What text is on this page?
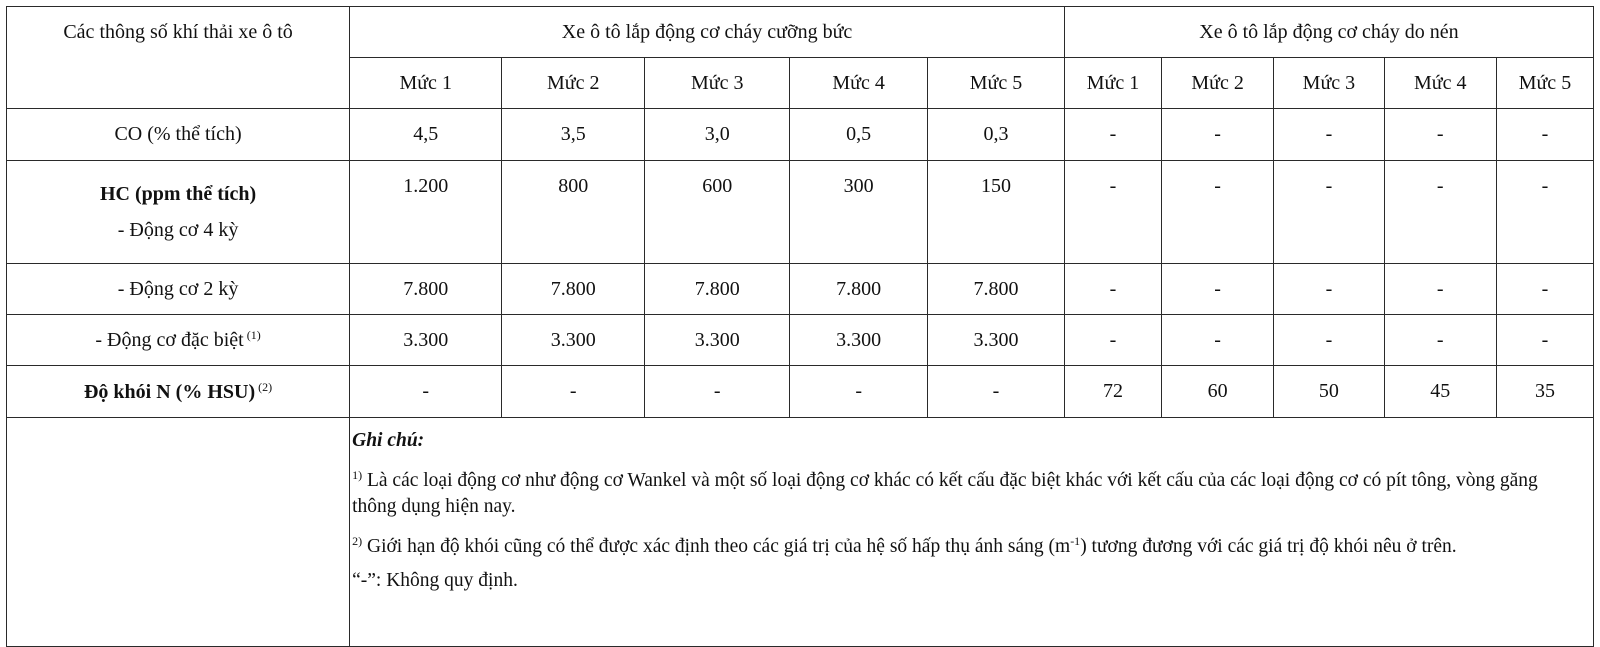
Các thông số khí thải xe ô tô	Xe ô tô lắp động cơ cháy cưỡng bức					Xe ô tô lắp động cơ cháy do nén				
	Mức 1	Mức 2	Mức 3	Mức 4	Mức 5	Mức 1	Mức 2	Mức 3	Mức 4	Mức 5
CO (% thể tích)	4,5	3,5	3,0	0,5	0,3	-	-	-	-	-

HC (ppm thể tích)
- Động cơ 4 kỳ	1.200	800	600	300	150	-	-	-	-	-
- Động cơ 2 kỳ	7.800	7.800	7.800	7.800	7.800	-	-	-	-	-
- Động cơ đặc biệt $^{(1)}$	3.300	3.300	3.300	3.300	3.300	-	-	-	-	-
Độ khói N (% HSU) $^{(2)}$	-	-	-	-	-	72	60	50	45	35

	Ghi chú:
$^{1)}$ Là các loại động cơ như động cơ Wankel và một số loại động cơ khác có kết cấu đặc biệt khác với kết cấu của các loại động cơ có pít tông, vòng găng thông dụng hiện nay.
$^{2)}$ Giới hạn độ khói cũng có thể được xác định theo các giá trị của hệ số hấp thụ ánh sáng (m$^{-1}$) tương đương với các giá trị độ khói nêu ở trên.
“-”: Không quy định.									
